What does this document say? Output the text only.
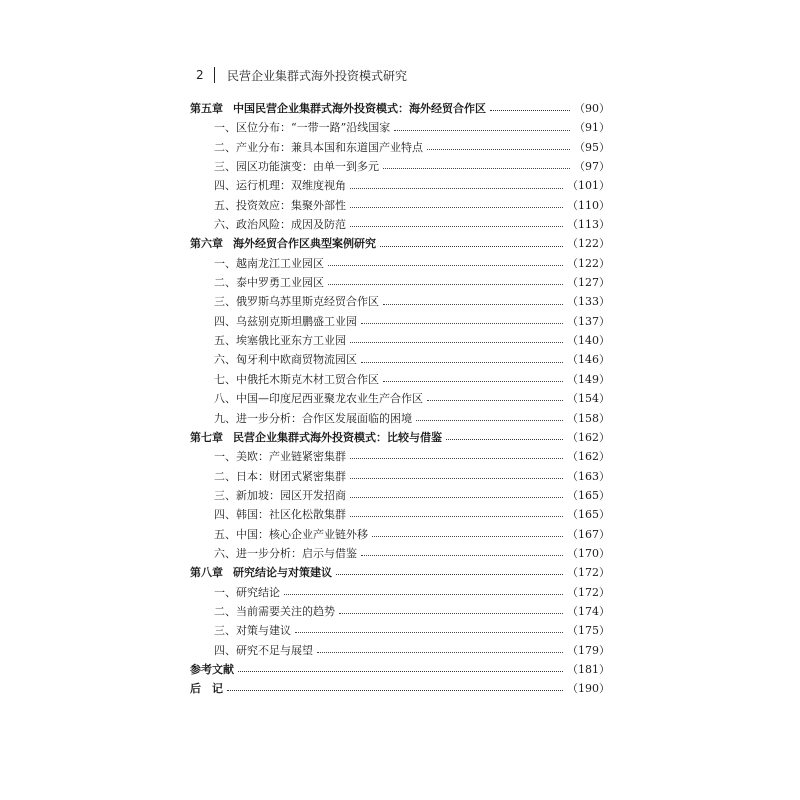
2	民营企业集群式海外投资模式研究
第五章 中国民营企业集群式海外投资模式：海外经贸合作区	（90）
一、区位分布：“一带一路”沿线国家	（91）
二、产业分布：兼具本国和东道国产业特点	（95）
三、园区功能演变：由单一到多元	（97）
四、运行机理：双维度视角	（101）
五、投资效应：集聚外部性	（110）
六、政治风险：成因及防范	（113）
第六章 海外经贸合作区典型案例研究	（122）
一、越南龙江工业园区	（122）
二、泰中罗勇工业园区	（127）
三、俄罗斯乌苏里斯克经贸合作区	（133）
四、乌兹别克斯坦鹏盛工业园	（137）
五、埃塞俄比亚东方工业园	（140）
六、匈牙利中欧商贸物流园区	（146）
七、中俄托木斯克木材工贸合作区	（149）
八、中国—印度尼西亚聚龙农业生产合作区	（154）
九、进一步分析：合作区发展面临的困境	（158）
第七章 民营企业集群式海外投资模式：比较与借鉴	（162）
一、美欧：产业链紧密集群	（162）
二、日本：财团式紧密集群	（163）
三、新加坡：园区开发招商	（165）
四、韩国：社区化松散集群	（165）
五、中国：核心企业产业链外移	（167）
六、进一步分析：启示与借鉴	（170）
第八章 研究结论与对策建议	（172）
一、研究结论	（172）
二、当前需要关注的趋势	（174）
三、对策与建议	（175）
四、研究不足与展望	（179）
参考文献	（181）
后　记	（190）
